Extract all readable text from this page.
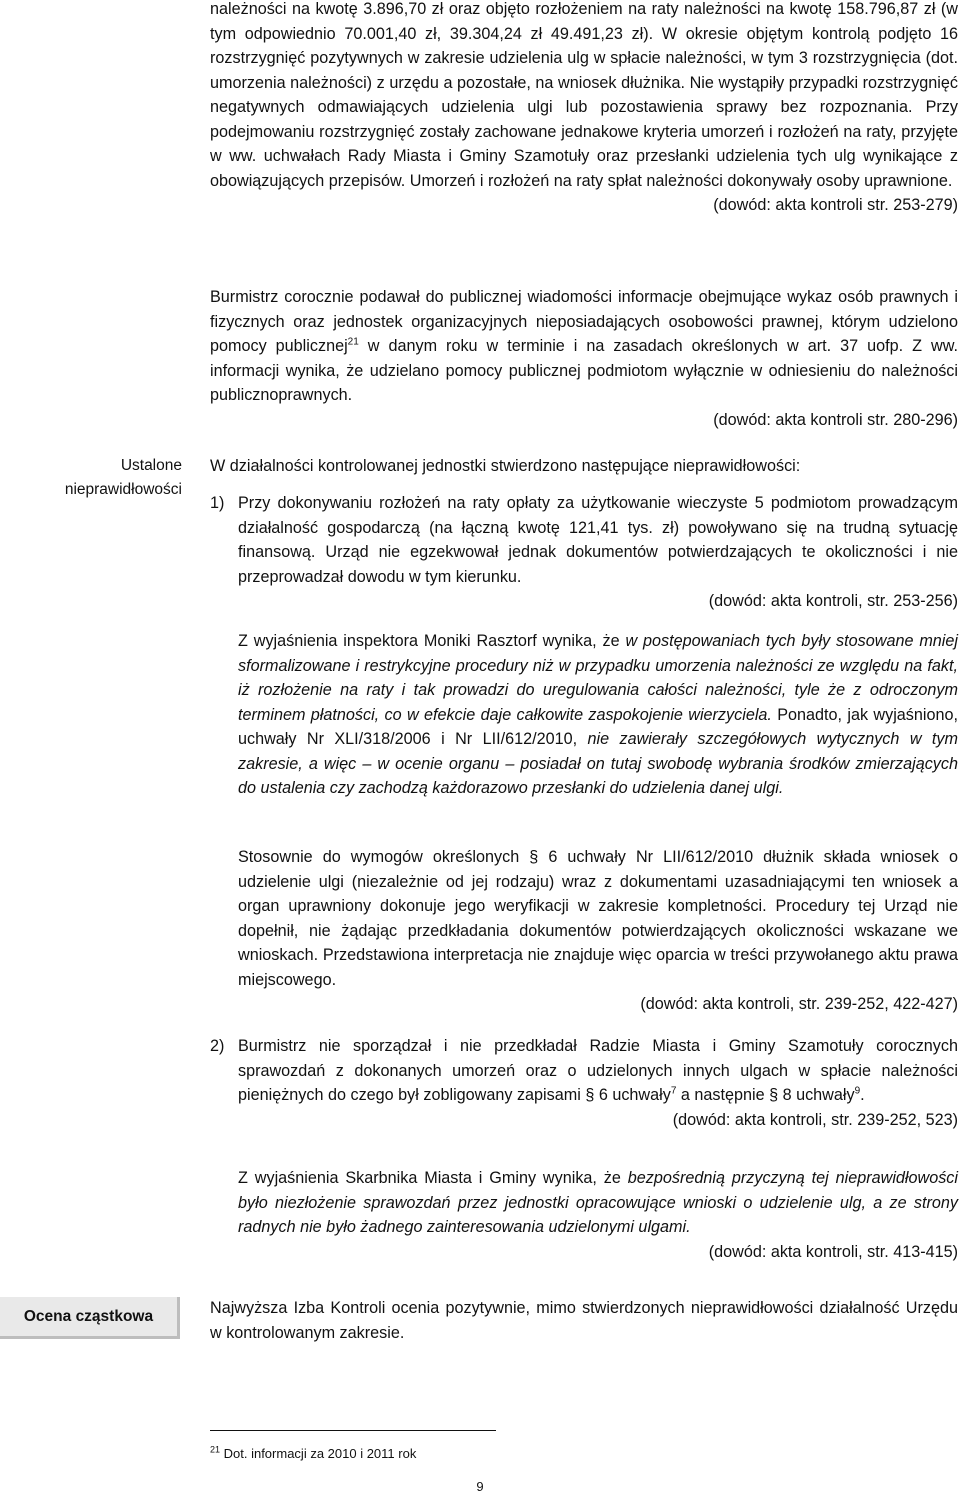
należności na kwotę 3.896,70 zł oraz objęto rozłożeniem na raty należności na kwotę 158.796,87 zł (w tym odpowiednio 70.001,40 zł, 39.304,24 zł 49.491,23 zł). W okresie objętym kontrolą podjęto 16 rozstrzygnięć pozytywnych w zakresie udzielenia ulg w spłacie należności, w tym 3 rozstrzygnięcia (dot. umorzenia należności) z urzędu a pozostałe, na wniosek dłużnika. Nie wystąpiły przypadki rozstrzygnięć negatywnych odmawiających udzielenia ulgi lub pozostawienia sprawy bez rozpoznania. Przy podejmowaniu rozstrzygnięć zostały zachowane jednakowe kryteria umorzeń i rozłożeń na raty, przyjęte w ww. uchwałach Rady Miasta i Gminy Szamotuły oraz przesłanki udzielenia tych ulg wynikające z obowiązujących przepisów. Umorzeń i rozłożeń na raty spłat należności dokonywały osoby uprawnione.

(dowód: akta kontroli str. 253-279)

Burmistrz corocznie podawał do publicznej wiadomości informacje obejmujące wykaz osób prawnych i fizycznych oraz jednostek organizacyjnych nieposiadających osobowości prawnej, którym udzielono pomocy publicznej$^{21}$ w danym roku w terminie i na zasadach określonych w art. 37 uofp. Z ww. informacji wynika, że udzielano pomocy publicznej podmiotom wyłącznie w odniesieniu do należności publicznoprawnych.

(dowód: akta kontroli str. 280-296)

Ustalone nieprawidłowości

W działalności kontrolowanej jednostki stwierdzono następujące nieprawidłowości:

1) Przy dokonywaniu rozłożeń na raty opłaty za użytkowanie wieczyste 5 podmiotom prowadzącym działalność gospodarczą (na łączną kwotę 121,41 tys. zł) powoływano się na trudną sytuację finansową. Urząd nie egzekwował jednak dokumentów potwierdzających te okoliczności i nie przeprowadzał dowodu w tym kierunku.

(dowód: akta kontroli, str. 253-256)

Z wyjaśnienia inspektora Moniki Rasztorf wynika, że w postępowaniach tych były stosowane mniej sformalizowane i restrykcyjne procedury niż w przypadku umorzenia należności ze względu na fakt, iż rozłożenie na raty i tak prowadzi do uregulowania całości należności, tyle że z odroczonym terminem płatności, co w efekcie daje całkowite zaspokojenie wierzyciela. Ponadto, jak wyjaśniono, uchwały Nr XLI/318/2006 i Nr LII/612/2010, nie zawierały szczegółowych wytycznych w tym zakresie, a więc – w ocenie organu – posiadał on tutaj swobodę wybrania środków zmierzających do ustalenia czy zachodzą każdorazowo przesłanki do udzielenia danej ulgi.

Stosownie do wymogów określonych § 6 uchwały Nr LII/612/2010 dłużnik składa wniosek o udzielenie ulgi (niezależnie od jej rodzaju) wraz z dokumentami uzasadniającymi ten wniosek a organ uprawniony dokonuje jego weryfikacji w zakresie kompletności. Procedury tej Urząd nie dopełnił, nie żądając przedkładania dokumentów potwierdzających okoliczności wskazane we wnioskach. Przedstawiona interpretacja nie znajduje więc oparcia w treści przywołanego aktu prawa miejscowego.

(dowód: akta kontroli, str. 239-252, 422-427)

2) Burmistrz nie sporządzał i nie przedkładał Radzie Miasta i Gminy Szamotuły corocznych sprawozdań z dokonanych umorzeń oraz o udzielonych innych ulgach w spłacie należności pieniężnych do czego był zobligowany zapisami § 6 uchwały$^7$ a następnie § 8 uchwały$^9$.

(dowód: akta kontroli, str. 239-252, 523)

Z wyjaśnienia Skarbnika Miasta i Gminy wynika, że bezpośrednią przyczyną tej nieprawidłowości było niezłożenie sprawozdań przez jednostki opracowujące wnioski o udzielenie ulg, a ze strony radnych nie było żadnego zainteresowania udzielonymi ulgami.

(dowód: akta kontroli, str. 413-415)

Ocena cząstkowa	Najwyższa Izba Kontroli ocenia pozytywnie, mimo stwierdzonych nieprawidłowości działalność Urzędu w kontrolowanym zakresie.

$^{21}$ Dot. informacji za 2010 i 2011 rok
9
